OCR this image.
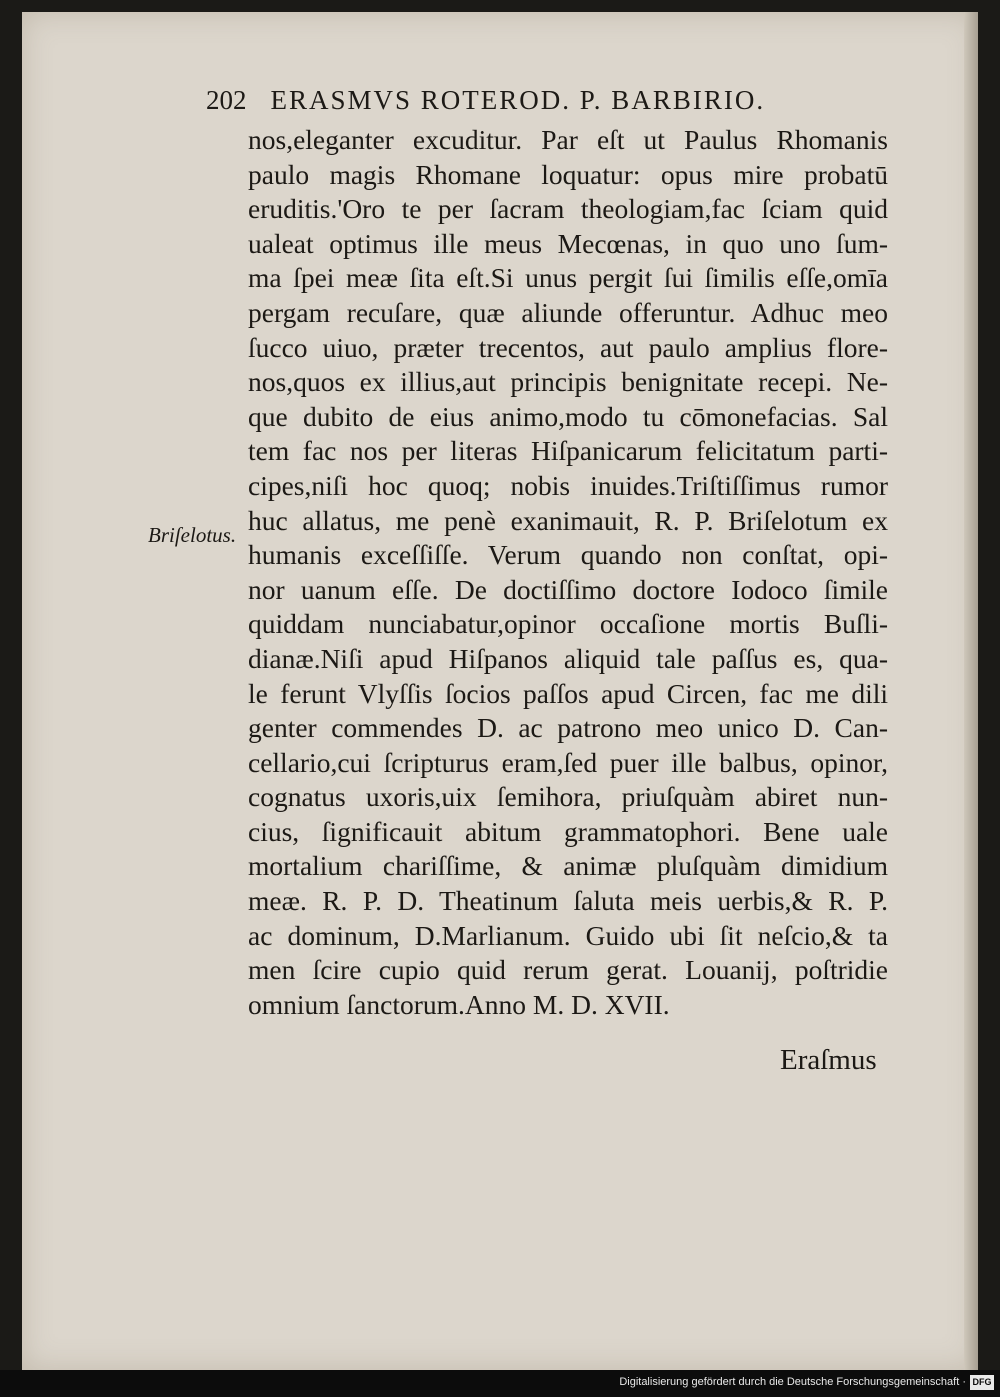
202 ERASMVS ROTEROD. P. BARBIRIO.
Briſelotus.
nos,eleganter excuditur. Par eſt ut Paulus Rhomanis
paulo magis Rhomane loquatur: opus mire probatū
eruditis.'Oro te per ſacram theologiam,fac ſciam quid
ualeat optimus ille meus Mecœnas, in quo uno ſum-
ma ſpei meæ ſita eſt.Si unus pergit ſui ſimilis eſſe,omīa
pergam recuſare, quæ aliunde offeruntur. Adhuc meo
ſucco uiuo, præter trecentos, aut paulo amplius flore-
nos,quos ex illius,aut principis benignitate recepi. Ne-
que dubito de eius animo,modo tu cōmonefacias. Sal
tem fac nos per literas Hiſpanicarum felicitatum parti-
cipes,niſi hoc quoq; nobis inuides.Triſtiſſimus rumor
huc allatus, me penè exanimauit, R. P. Briſelotum ex
humanis exceſſiſſe. Verum quando non conſtat, opi-
nor uanum eſſe. De doctiſſimo doctore Iodoco ſimile
quiddam nunciabatur,opinor occaſione mortis Buſli-
dianæ.Niſi apud Hiſpanos aliquid tale paſſus es, qua-
le ferunt Vlyſſis ſocios paſſos apud Circen, fac me dili
genter commendes D. ac patrono meo unico D. Can-
cellario,cui ſcripturus eram,ſed puer ille balbus, opinor,
cognatus uxoris,uix ſemihora, priuſquàm abiret nun-
cius, ſignificauit abitum grammatophori. Bene uale
mortalium chariſſime, & animæ pluſquàm dimidium
meæ. R. P. D. Theatinum ſaluta meis uerbis,& R. P.
ac dominum, D.Marlianum. Guido ubi ſit neſcio,& ta
men ſcire cupio quid rerum gerat. Louanij, poſtridie
omnium ſanctorum.Anno M. D. XVII.
Eraſmus
Digitalisierung gefördert durch die Deutsche Forschungsgemeinschaft · DFG
